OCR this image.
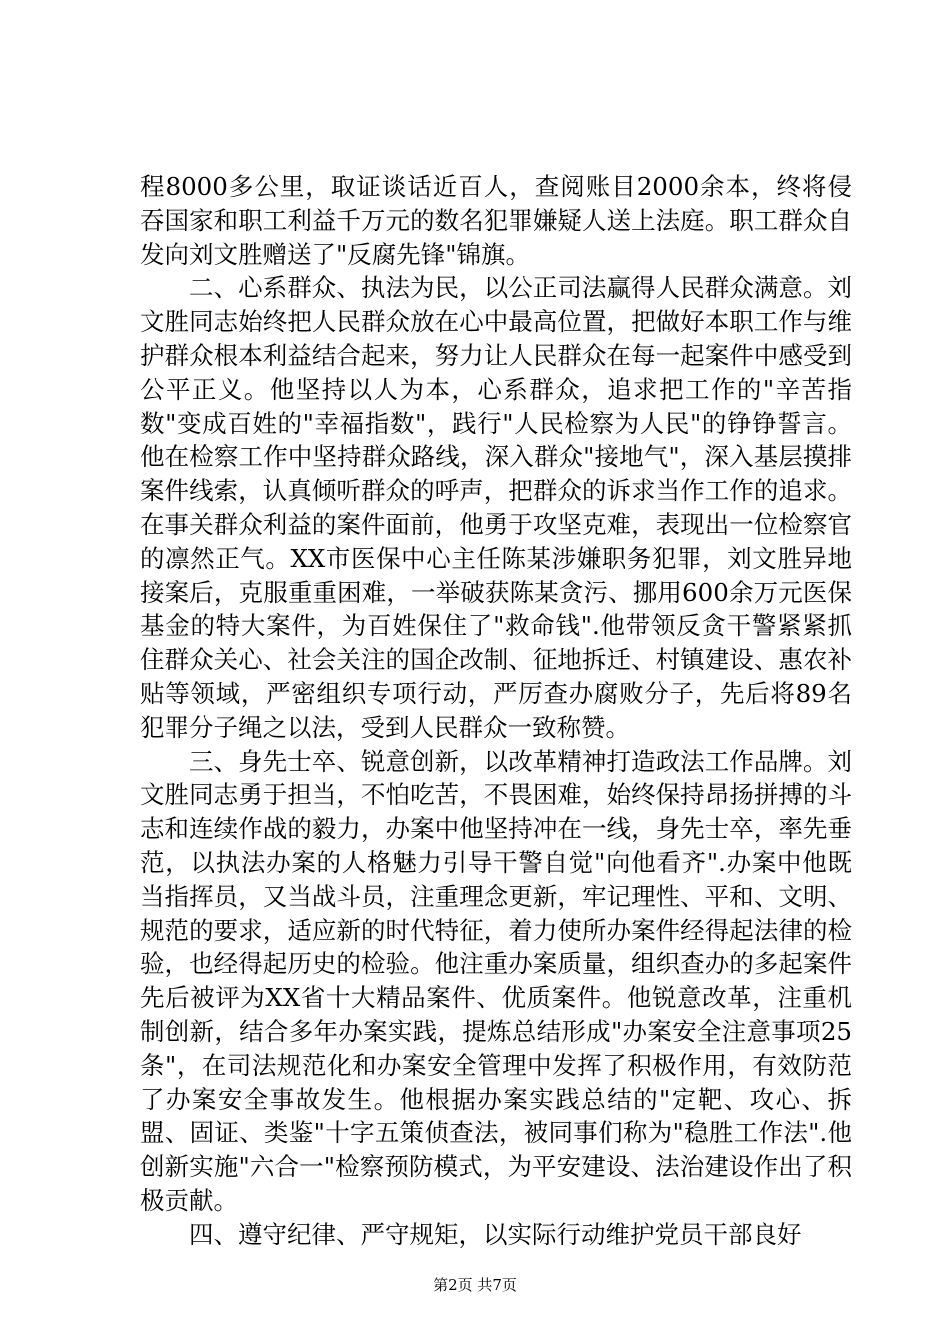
程8000多公里，取证谈话近百人，查阅账目2000余本，终将侵吞国家和职工利益千万元的数名犯罪嫌疑人送上法庭。职工群众自发向刘文胜赠送了"反腐先锋"锦旗。

二、心系群众、执法为民，以公正司法赢得人民群众满意。刘文胜同志始终把人民群众放在心中最高位置，把做好本职工作与维护群众根本利益结合起来，努力让人民群众在每一起案件中感受到公平正义。他坚持以人为本，心系群众，追求把工作的"辛苦指数"变成百姓的"幸福指数"，践行"人民检察为人民"的铮铮誓言。他在检察工作中坚持群众路线，深入群众"接地气"，深入基层摸排案件线索，认真倾听群众的呼声，把群众的诉求当作工作的追求。在事关群众利益的案件面前，他勇于攻坚克难，表现出一位检察官的凛然正气。XX市医保中心主任陈某涉嫌职务犯罪，刘文胜异地接案后，克服重重困难，一举破获陈某贪污、挪用600余万元医保基金的特大案件，为百姓保住了"救命钱".他带领反贪干警紧紧抓住群众关心、社会关注的国企改制、征地拆迁、村镇建设、惠农补贴等领域，严密组织专项行动，严厉查办腐败分子，先后将89名犯罪分子绳之以法，受到人民群众一致称赞。

三、身先士卒、锐意创新，以改革精神打造政法工作品牌。刘文胜同志勇于担当，不怕吃苦，不畏困难，始终保持昂扬拼搏的斗志和连续作战的毅力，办案中他坚持冲在一线，身先士卒，率先垂范，以执法办案的人格魅力引导干警自觉"向他看齐".办案中他既当指挥员，又当战斗员，注重理念更新，牢记理性、平和、文明、规范的要求，适应新的时代特征，着力使所办案件经得起法律的检验，也经得起历史的检验。他注重办案质量，组织查办的多起案件先后被评为XX省十大精品案件、优质案件。他锐意改革，注重机制创新，结合多年办案实践，提炼总结形成"办案安全注意事项25条"，在司法规范化和办案安全管理中发挥了积极作用，有效防范了办案安全事故发生。他根据办案实践总结的"定靶、攻心、拆盟、固证、类鉴"十字五策侦查法，被同事们称为"稳胜工作法".他创新实施"六合一"检察预防模式，为平安建设、法治建设作出了积极贡献。

四、遵守纪律、严守规矩，以实际行动维护党员干部良好

第2页 共7页
